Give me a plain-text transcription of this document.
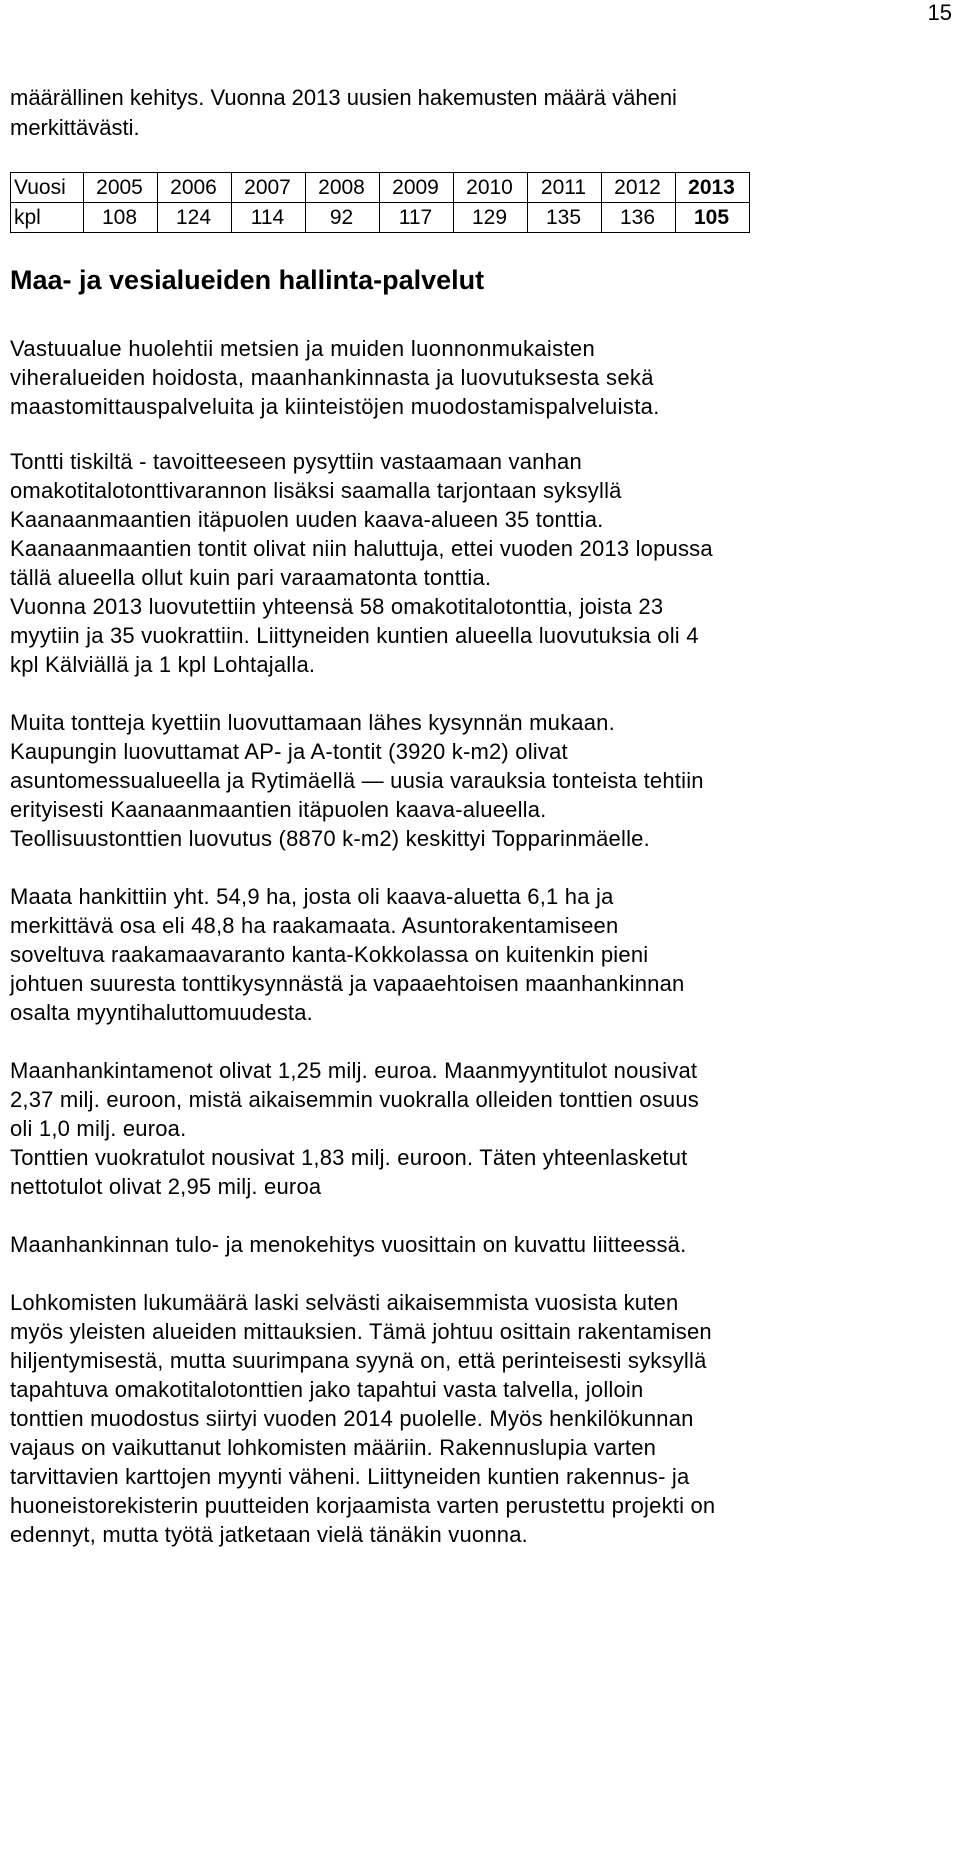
15
määrällinen kehitys. Vuonna 2013 uusien hakemusten määrä väheni
merkittävästi.
Vuosi	2005	2006	2007	2008	2009	2010	2011	2012	2013
kpl	108	124	114	92	117	129	135	136	105
Maa- ja vesialueiden hallinta-palvelut
Vastuualue huolehtii metsien ja muiden luonnonmukaisten
viheralueiden hoidosta, maanhankinnasta ja luovutuksesta sekä
maastomittauspalveluita ja kiinteistöjen muodostamispalveluista.

Tontti tiskiltä - tavoitteeseen pysyttiin vastaamaan vanhan
omakotitalotonttivarannon lisäksi saamalla tarjontaan syksyllä
Kaanaanmaantien itäpuolen uuden kaava-alueen 35 tonttia.
Kaanaanmaantien tontit olivat niin haluttuja, ettei vuoden 2013 lopussa
tällä alueella ollut kuin pari varaamatonta tonttia.
Vuonna 2013 luovutettiin yhteensä 58 omakotitalotonttia, joista 23
myytiin ja 35 vuokrattiin. Liittyneiden kuntien alueella luovutuksia oli 4
kpl Kälviällä ja 1 kpl Lohtajalla.

Muita tontteja kyettiin luovuttamaan lähes kysynnän mukaan.
Kaupungin luovuttamat AP- ja A-tontit (3920 k-m2) olivat
asuntomessualueella ja Rytimäellä — uusia varauksia tonteista tehtiin
erityisesti Kaanaanmaantien itäpuolen kaava-alueella.
Teollisuustonttien luovutus (8870 k-m2) keskittyi Topparinmäelle.

Maata hankittiin yht. 54,9 ha, josta oli kaava-aluetta 6,1 ha ja
merkittävä osa eli 48,8 ha raakamaata. Asuntorakentamiseen
soveltuva raakamaavaranto kanta-Kokkolassa on kuitenkin pieni
johtuen suuresta tonttikysynnästä ja vapaaehtoisen maanhankinnan
osalta myyntihaluttomuudesta.

Maanhankintamenot olivat 1,25 milj. euroa. Maanmyyntitulot nousivat
2,37 milj. euroon, mistä aikaisemmin vuokralla olleiden tonttien osuus
oli 1,0 milj. euroa.
Tonttien vuokratulot nousivat 1,83 milj. euroon. Täten yhteenlasketut
nettotulot olivat 2,95 milj. euroa

Maanhankinnan tulo- ja menokehitys vuosittain on kuvattu liitteessä.

Lohkomisten lukumäärä laski selvästi aikaisemmista vuosista kuten
myös yleisten alueiden mittauksien. Tämä johtuu osittain rakentamisen
hiljentymisestä, mutta suurimpana syynä on, että perinteisesti syksyllä
tapahtuva omakotitalotonttien jako tapahtui vasta talvella, jolloin
tonttien muodostus siirtyi vuoden 2014 puolelle. Myös henkilökunnan
vajaus on vaikuttanut lohkomisten määriin. Rakennuslupia varten
tarvittavien karttojen myynti väheni. Liittyneiden kuntien rakennus- ja
huoneistorekisterin puutteiden korjaamista varten perustettu projekti on
edennyt, mutta työtä jatketaan vielä tänäkin vuonna.
